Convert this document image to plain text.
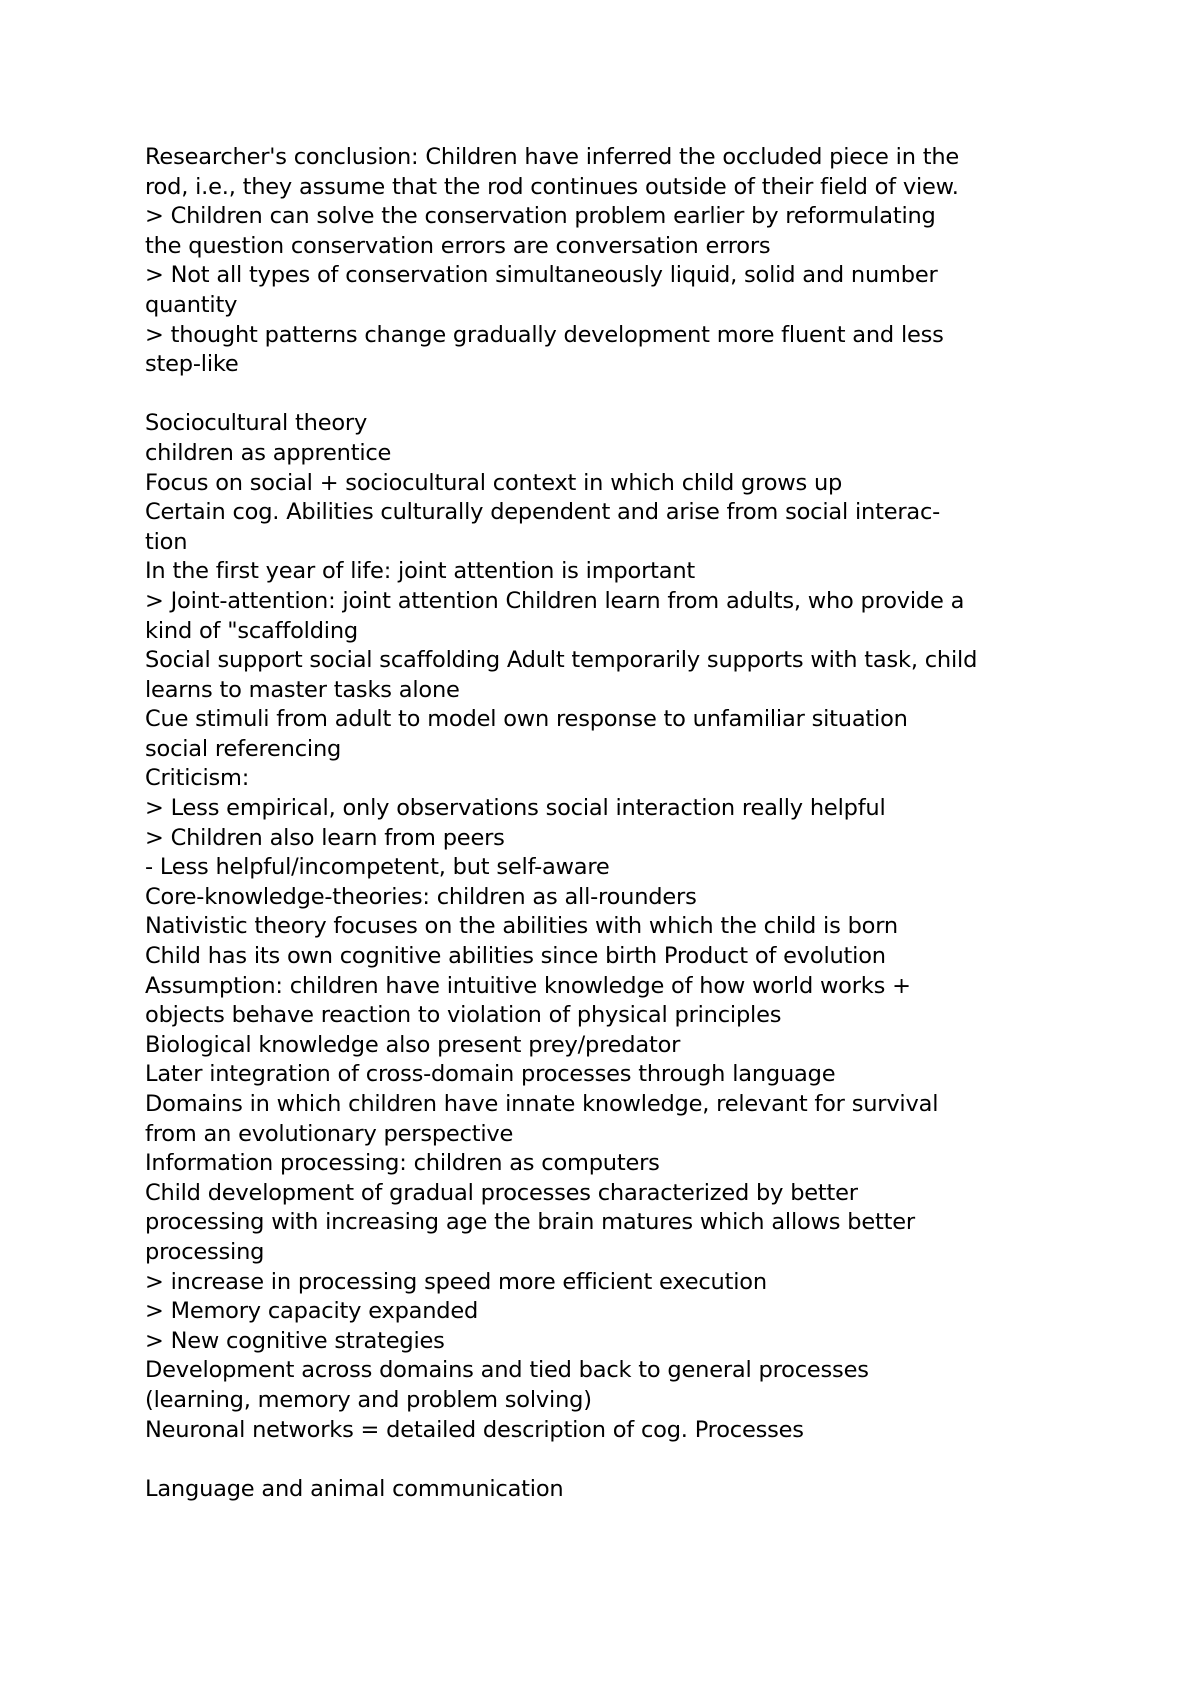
Researcher's conclusion: Children have inferred the occluded piece in the
rod, i.e., they assume that the rod continues outside of their field of view.
> Children can solve the conservation problem earlier by reformulating
the question conservation errors are conversation errors
> Not all types of conservation simultaneously liquid, solid and number
quantity
> thought patterns change gradually development more fluent and less
step-like
Sociocultural theory
children as apprentice
Focus on social + sociocultural context in which child grows up
Certain cog. Abilities culturally dependent and arise from social interac-
tion
In the first year of life: joint attention is important
> Joint-attention: joint attention Children learn from adults, who provide a
kind of "scaffolding
Social support social scaffolding Adult temporarily supports with task, child
learns to master tasks alone
Cue stimuli from adult to model own response to unfamiliar situation
social referencing
Criticism:
> Less empirical, only observations social interaction really helpful
> Children also learn from peers
- Less helpful/incompetent, but self-aware
Core-knowledge-theories: children as all-rounders
Nativistic theory focuses on the abilities with which the child is born
Child has its own cognitive abilities since birth Product of evolution
Assumption: children have intuitive knowledge of how world works +
objects behave reaction to violation of physical principles
Biological knowledge also present prey/predator
Later integration of cross-domain processes through language
Domains in which children have innate knowledge, relevant for survival
from an evolutionary perspective
Information processing: children as computers
Child development of gradual processes characterized by better
processing with increasing age the brain matures which allows better
processing
> increase in processing speed more efficient execution
> Memory capacity expanded
> New cognitive strategies
Development across domains and tied back to general processes
(learning, memory and problem solving)
Neuronal networks = detailed description of cog. Processes
Language and animal communication
